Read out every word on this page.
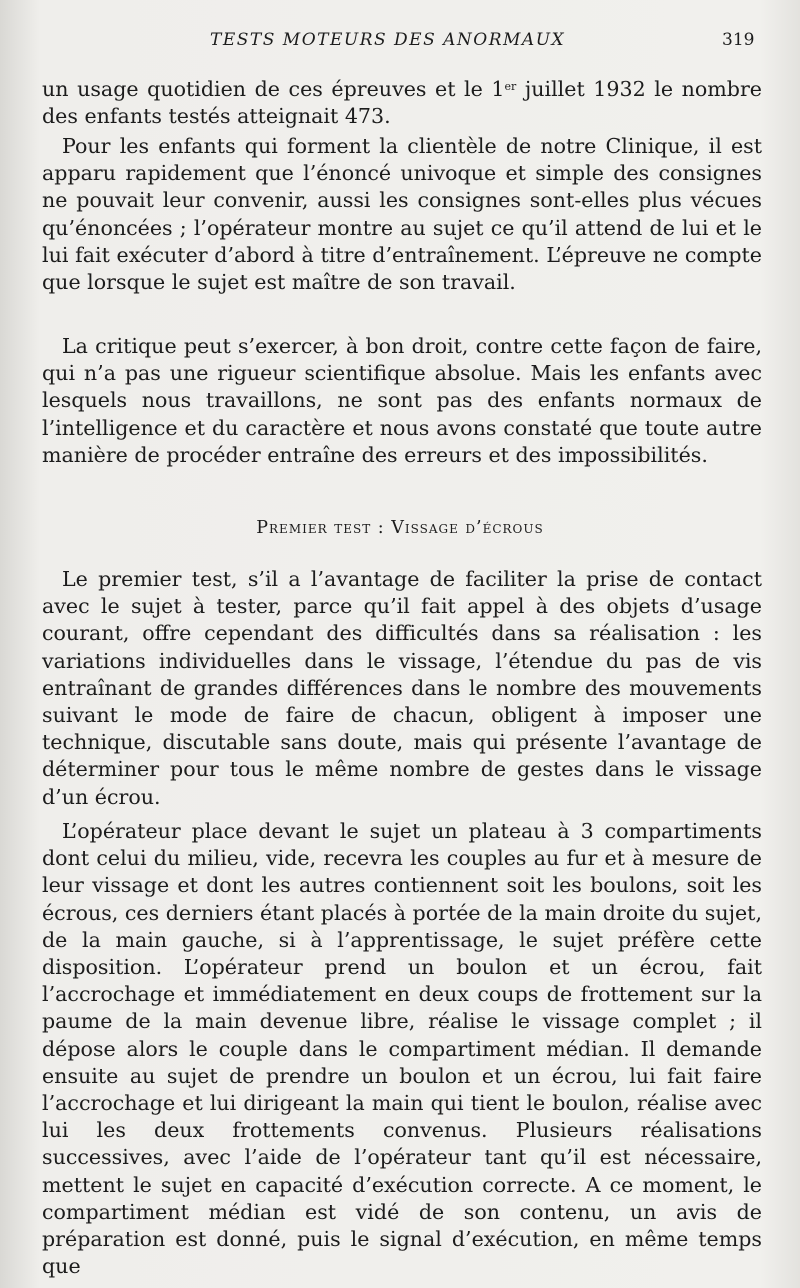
TESTS MOTEURS DES ANORMAUX	319

un usage quotidien de ces épreuves et le 1er juillet 1932 le nombre des enfants testés atteignait 473.

Pour les enfants qui forment la clientèle de notre Clinique, il est apparu rapidement que l’énoncé univoque et simple des consignes ne pouvait leur convenir, aussi les consignes sont-elles plus vécues qu’énoncées ; l’opérateur montre au sujet ce qu’il attend de lui et le lui fait exécuter d’abord à titre d’entraînement. L’épreuve ne compte que lorsque le sujet est maître de son travail.

La critique peut s’exercer, à bon droit, contre cette façon de faire, qui n’a pas une rigueur scientifique absolue. Mais les enfants avec lesquels nous travaillons, ne sont pas des enfants normaux de l’intelligence et du caractère et nous avons constaté que toute autre manière de procéder entraîne des erreurs et des impossibilités.

Premier test : Vissage d’écrous

Le premier test, s’il a l’avantage de faciliter la prise de contact avec le sujet à tester, parce qu’il fait appel à des objets d’usage courant, offre cependant des difficultés dans sa réalisation : les variations individuelles dans le vissage, l’étendue du pas de vis entraînant de grandes différences dans le nombre des mouvements suivant le mode de faire de chacun, obligent à imposer une technique, discutable sans doute, mais qui présente l’avantage de déterminer pour tous le même nombre de gestes dans le vissage d’un écrou.

L’opérateur place devant le sujet un plateau à 3 compartiments dont celui du milieu, vide, recevra les couples au fur et à mesure de leur vissage et dont les autres contiennent soit les boulons, soit les écrous, ces derniers étant placés à portée de la main droite du sujet, de la main gauche, si à l’apprentissage, le sujet préfère cette disposition. L’opérateur prend un boulon et un écrou, fait l’accrochage et immédiatement en deux coups de frottement sur la paume de la main devenue libre, réalise le vissage complet ; il dépose alors le couple dans le compartiment médian. Il demande ensuite au sujet de prendre un boulon et un écrou, lui fait faire l’accrochage et lui dirigeant la main qui tient le boulon, réalise avec lui les deux frottements convenus. Plusieurs réalisations successives, avec l’aide de l’opérateur tant qu’il est nécessaire, mettent le sujet en capacité d’exécution correcte. A ce moment, le compartiment médian est vidé de son contenu, un avis de préparation est donné, puis le signal d’exécution, en même temps que
